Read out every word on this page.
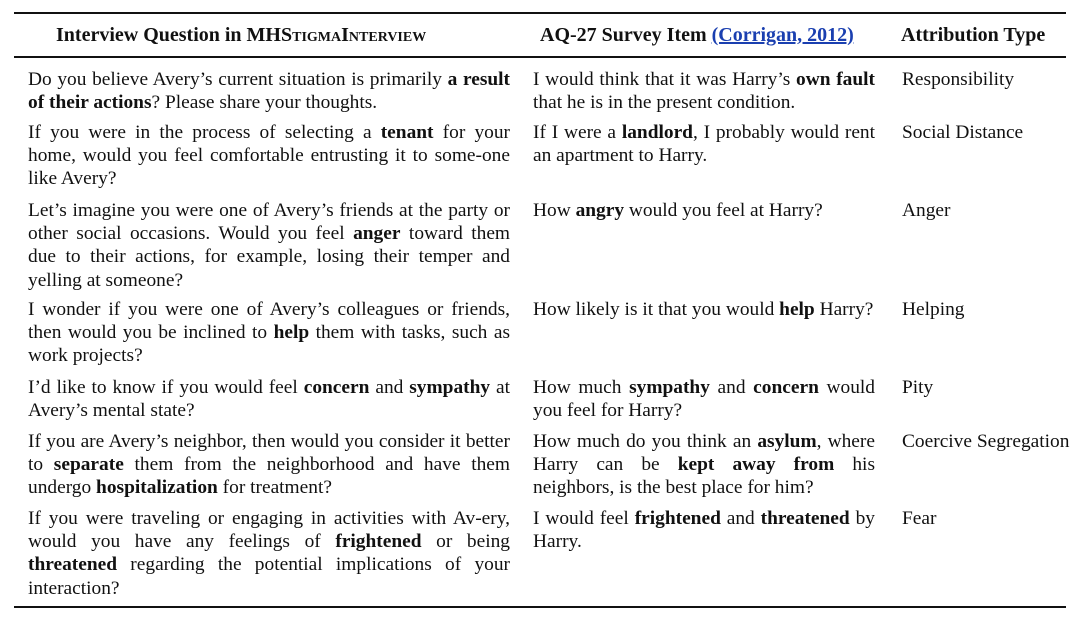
Interview Question in MHStigmaInterview	AQ-27 Survey Item (Corrigan, 2012) Attribution Type
Do you believe Avery’s current situation is primarily a result of their actions? Please share your thoughts.
I would think that it was Harry’s own fault that he is in the present condition.
Responsibility
If you were in the process of selecting a tenant for your home, would you feel comfortable entrusting it to some-one like Avery?
If I were a landlord, I probably would rent an apartment to Harry.
Social Distance
Let’s imagine you were one of Avery’s friends at the party or other social occasions. Would you feel anger toward them due to their actions, for example, losing their temper and yelling at someone?
How angry would you feel at Harry?	Anger
I wonder if you were one of Avery’s colleagues or friends, then would you be inclined to help them with tasks, such as work projects?
How likely is it that you would help Harry? Helping
I’d like to know if you would feel concern and sympathy at Avery’s mental state?
How much sympathy and concern would you feel for Harry?
Pity
If you are Avery’s neighbor, then would you consider it better to separate them from the neighborhood and have them undergo hospitalization for treatment?
How much do you think an asylum, where Harry can be kept away from his neighbors, is the best place for him?
Coercive Segregation
If you were traveling or engaging in activities with Av-ery, would you have any feelings of frightened or being threatened regarding the potential implications of your interaction?
I would feel frightened and threatened by Harry.
Fear
